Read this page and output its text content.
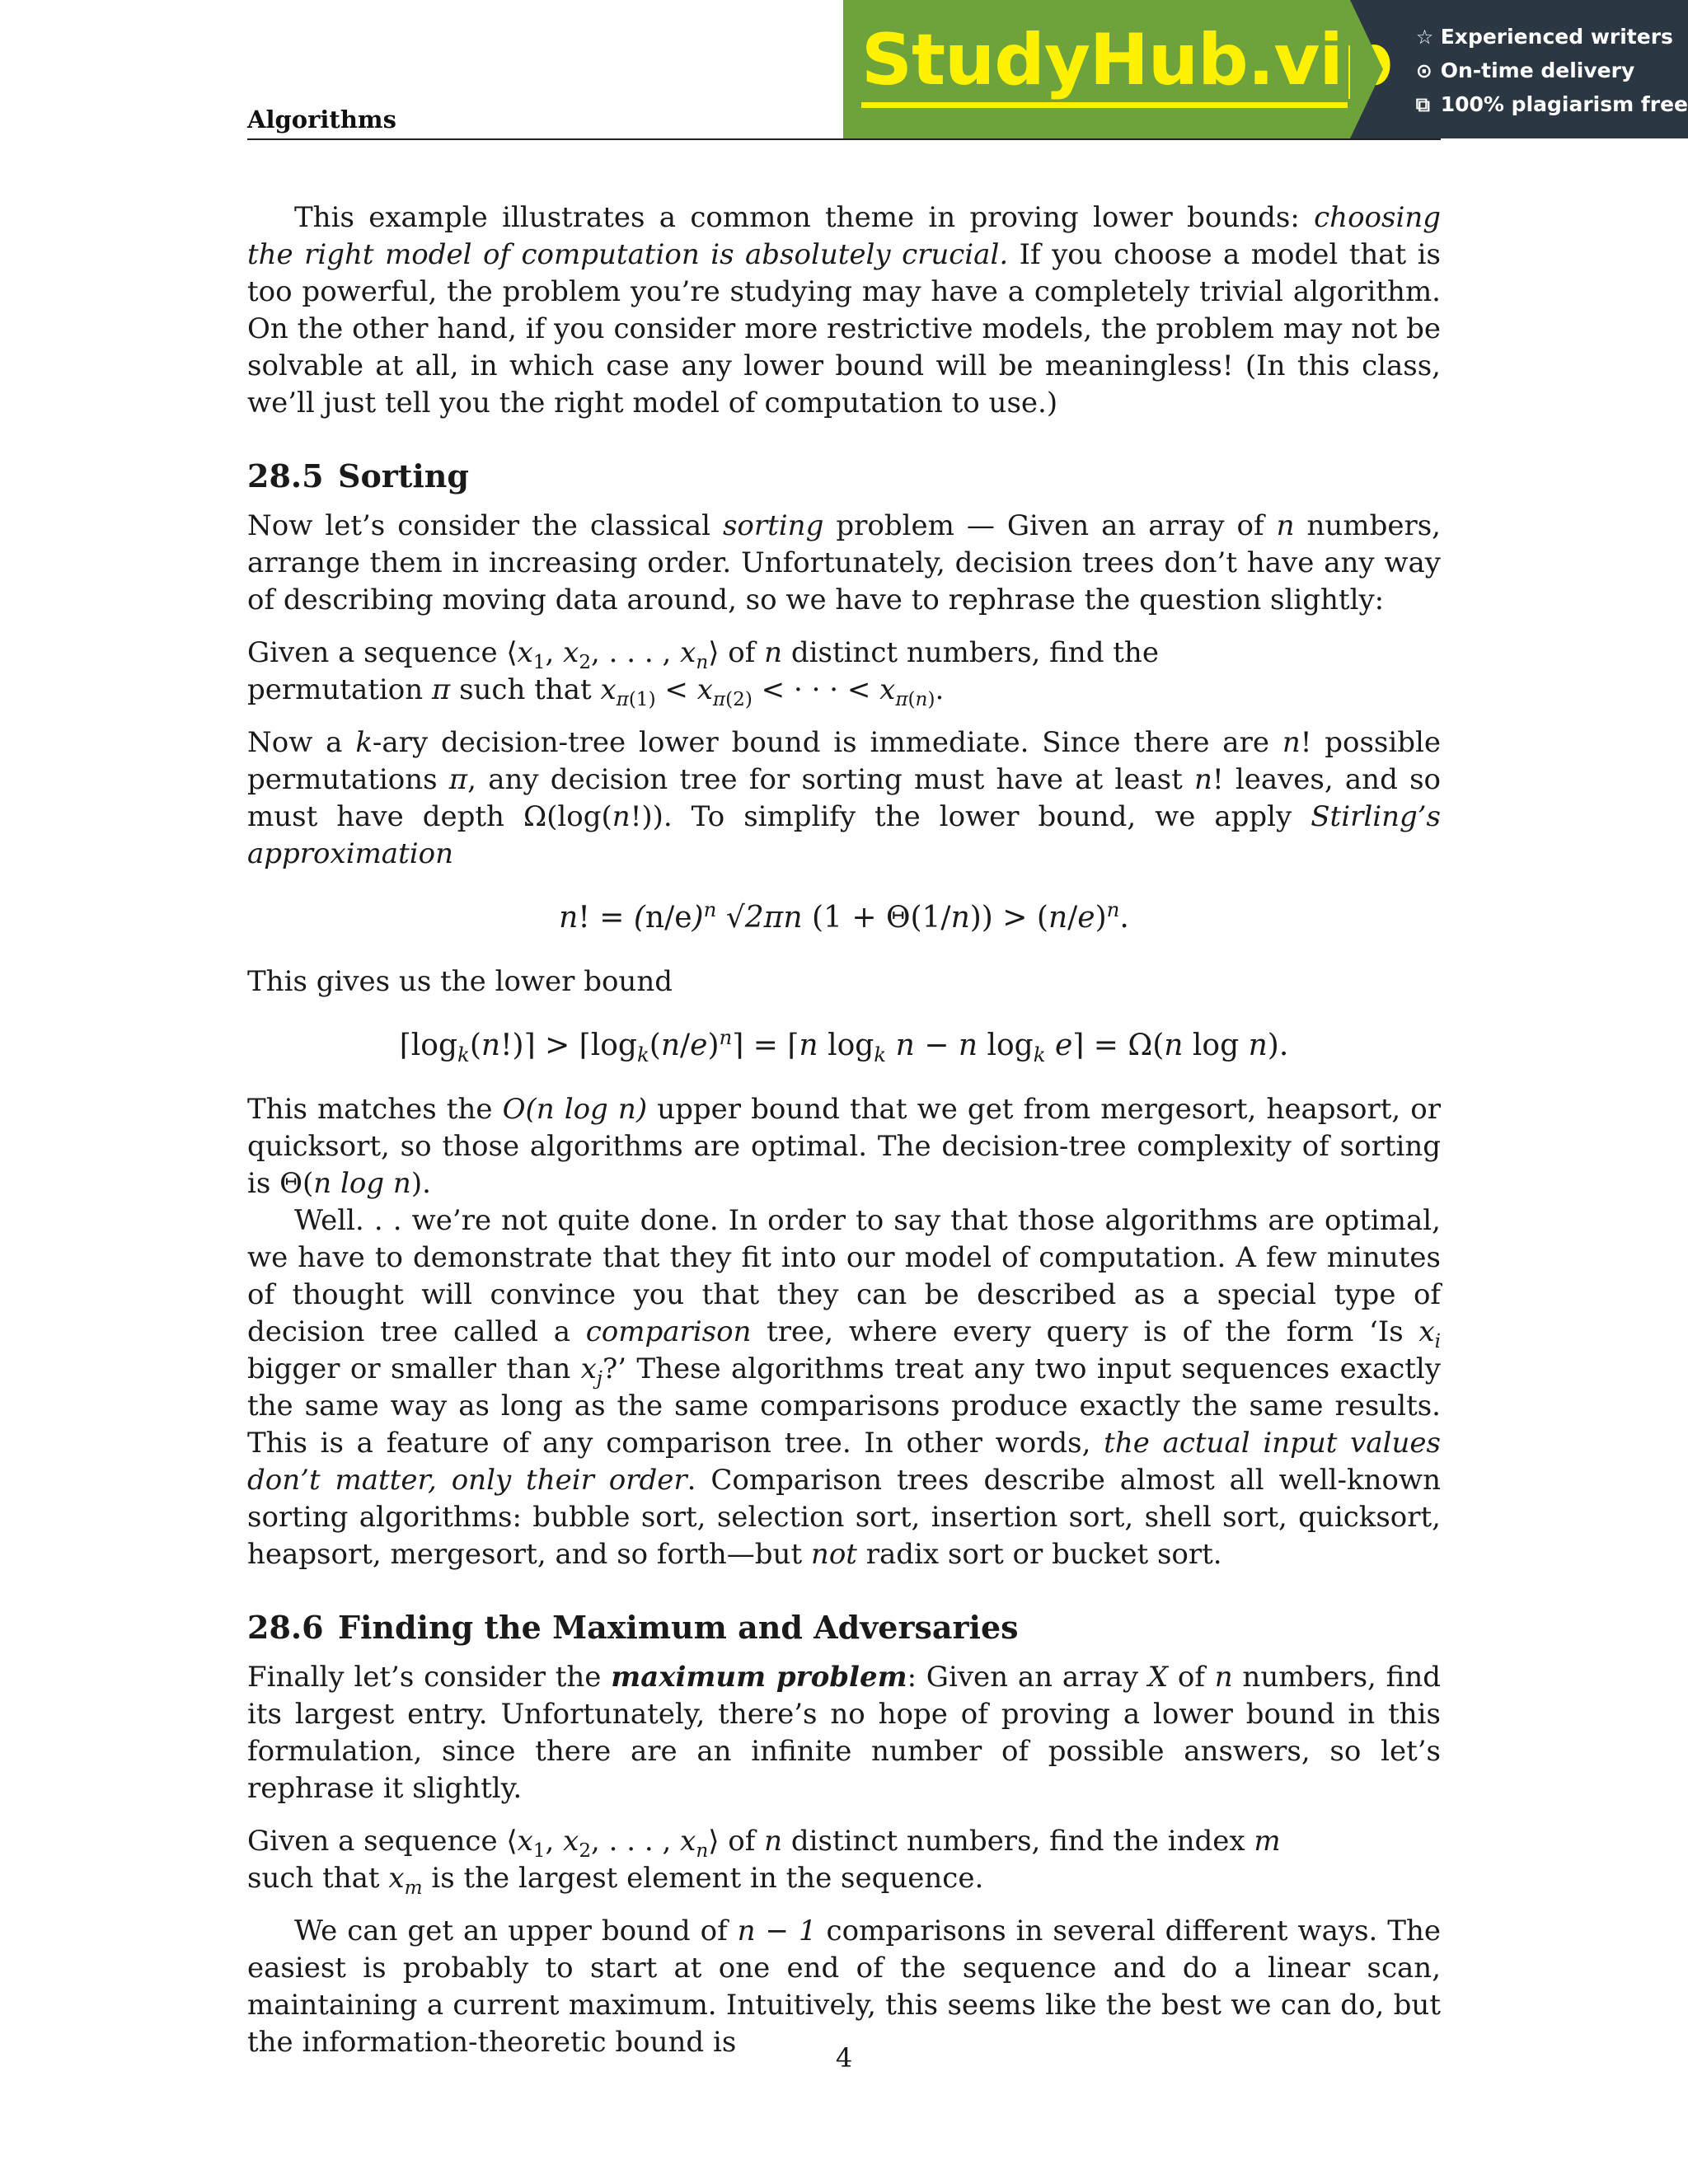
Algorithms
StudyHub.vip ☆ Experienced writers
⊙ On-time delivery
⧉ 100% plagiarism free

This example illustrates a common theme in proving lower bounds: choosing the right model of computation is absolutely crucial. If you choose a model that is too powerful, the problem you’re studying may have a completely trivial algorithm. On the other hand, if you consider more restrictive models, the problem may not be solvable at all, in which case any lower bound will be meaningless! (In this class, we’ll just tell you the right model of computation to use.)

28.5 Sorting

Now let’s consider the classical sorting problem — Given an array of n numbers, arrange them in increasing order. Unfortunately, decision trees don’t have any way of describing moving data around, so we have to rephrase the question slightly:

Given a sequence $⟨x_1$, $x_2$, . . . , $x_n⟩$ of n distinct numbers, find the permutation π such that $x_{\pi(1)} < x_{\pi(2)}$ < · · · < $x_{\pi(n)}$.

Now a k-ary decision-tree lower bound is immediate. Since there are n! possible permutations π, any decision tree for sorting must have at least n! leaves, and so must have depth Ω(log(n!)). To simplify the lower bound, we apply Stirling’s approximation

n! = $(n/e)^n$ √2πn $(1 + \Theta(1/n)) > (n/e)^n$.

This gives us the lower bound

$⌈\log_k(n!)⌉$ > $⌈\log_k(n/e)^n⌉$ = ⌈n $\log_k n - n$ $\log_k$ e⌉ = Ω(n log n).

This matches the O(n log n) upper bound that we get from mergesort, heapsort, or quicksort, so those algorithms are optimal. The decision-tree complexity of sorting is Θ(n log n).

Well. . . we’re not quite done. In order to say that those algorithms are optimal, we have to demonstrate that they fit into our model of computation. A few minutes of thought will convince you that they can be described as a special type of decision tree called a comparison tree, where every query is of the form ‘Is $x_i$ bigger or smaller than $x_j$?’ These algorithms treat any two input sequences exactly the same way as long as the same comparisons produce exactly the same results. This is a feature of any comparison tree. In other words, the actual input values don’t matter, only their order. Comparison trees describe almost all well-known sorting algorithms: bubble sort, selection sort, insertion sort, shell sort, quicksort, heapsort, mergesort, and so forth—but not radix sort or bucket sort.

28.6 Finding the Maximum and Adversaries

Finally let’s consider the maximum problem: Given an array X of n numbers, find its largest entry. Unfortunately, there’s no hope of proving a lower bound in this formulation, since there are an infinite number of possible answers, so let’s rephrase it slightly.

Given a sequence $⟨x_1$, $x_2$, . . . , $x_n⟩$ of n distinct numbers, find the index m such that $x_m$ is the largest element in the sequence.

We can get an upper bound of n − 1 comparisons in several different ways. The easiest is probably to start at one end of the sequence and do a linear scan, maintaining a current maximum. Intuitively, this seems like the best we can do, but the information-theoretic bound is	4
